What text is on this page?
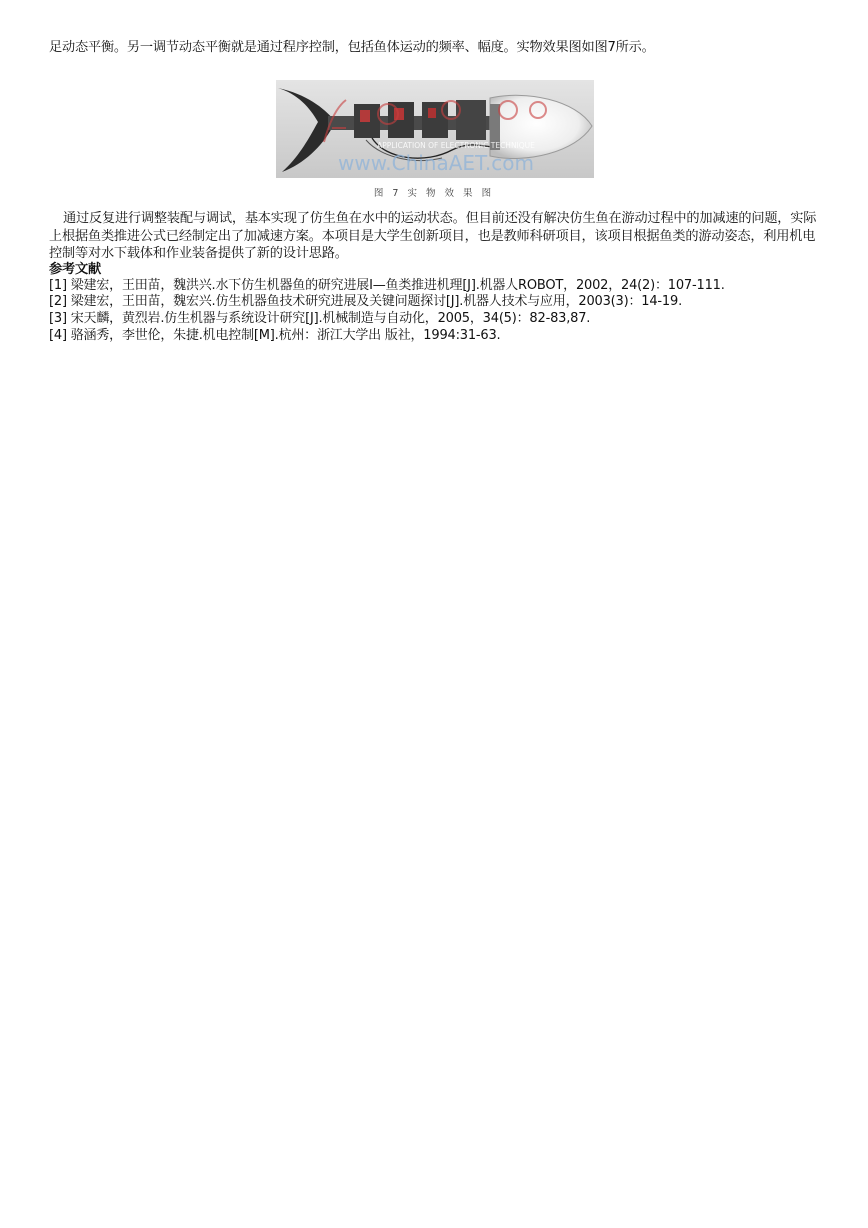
足动态平衡。另一调节动态平衡就是通过程序控制，包括鱼体运动的频率、幅度。实物效果图如图7所示。
www.ChinaAET.com
APPLICATION OF ELECTRONIC TECHNIQUE
图 7 实 物 效 果 图
通过反复进行调整装配与调试，基本实现了仿生鱼在水中的运动状态。但目前还没有解决仿生鱼在游动过程中的加减速的问题，实际上根据鱼类推进公式已经制定出了加减速方案。本项目是大学生创新项目，也是教师科研项目，该项目根据鱼类的游动姿态，利用机电控制等对水下载体和作业装备提供了新的设计思路。
参考文献
[1] 梁建宏，王田苗，魏洪兴.水下仿生机器鱼的研究进展I—鱼类推进机理[J].机器人ROBOT，2002，24(2)：107-111.
[2] 梁建宏，王田苗，魏宏兴.仿生机器鱼技术研究进展及关键问题探讨[J].机器人技术与应用，2003(3)：14-19.
[3] 宋天麟，黄烈岩.仿生机器与系统设计研究[J].机械制造与自动化，2005，34(5)：82-83,87.
[4] 骆涵秀，李世伦，朱捷.机电控制[M].杭州：浙江大学出 版社，1994:31-63.
